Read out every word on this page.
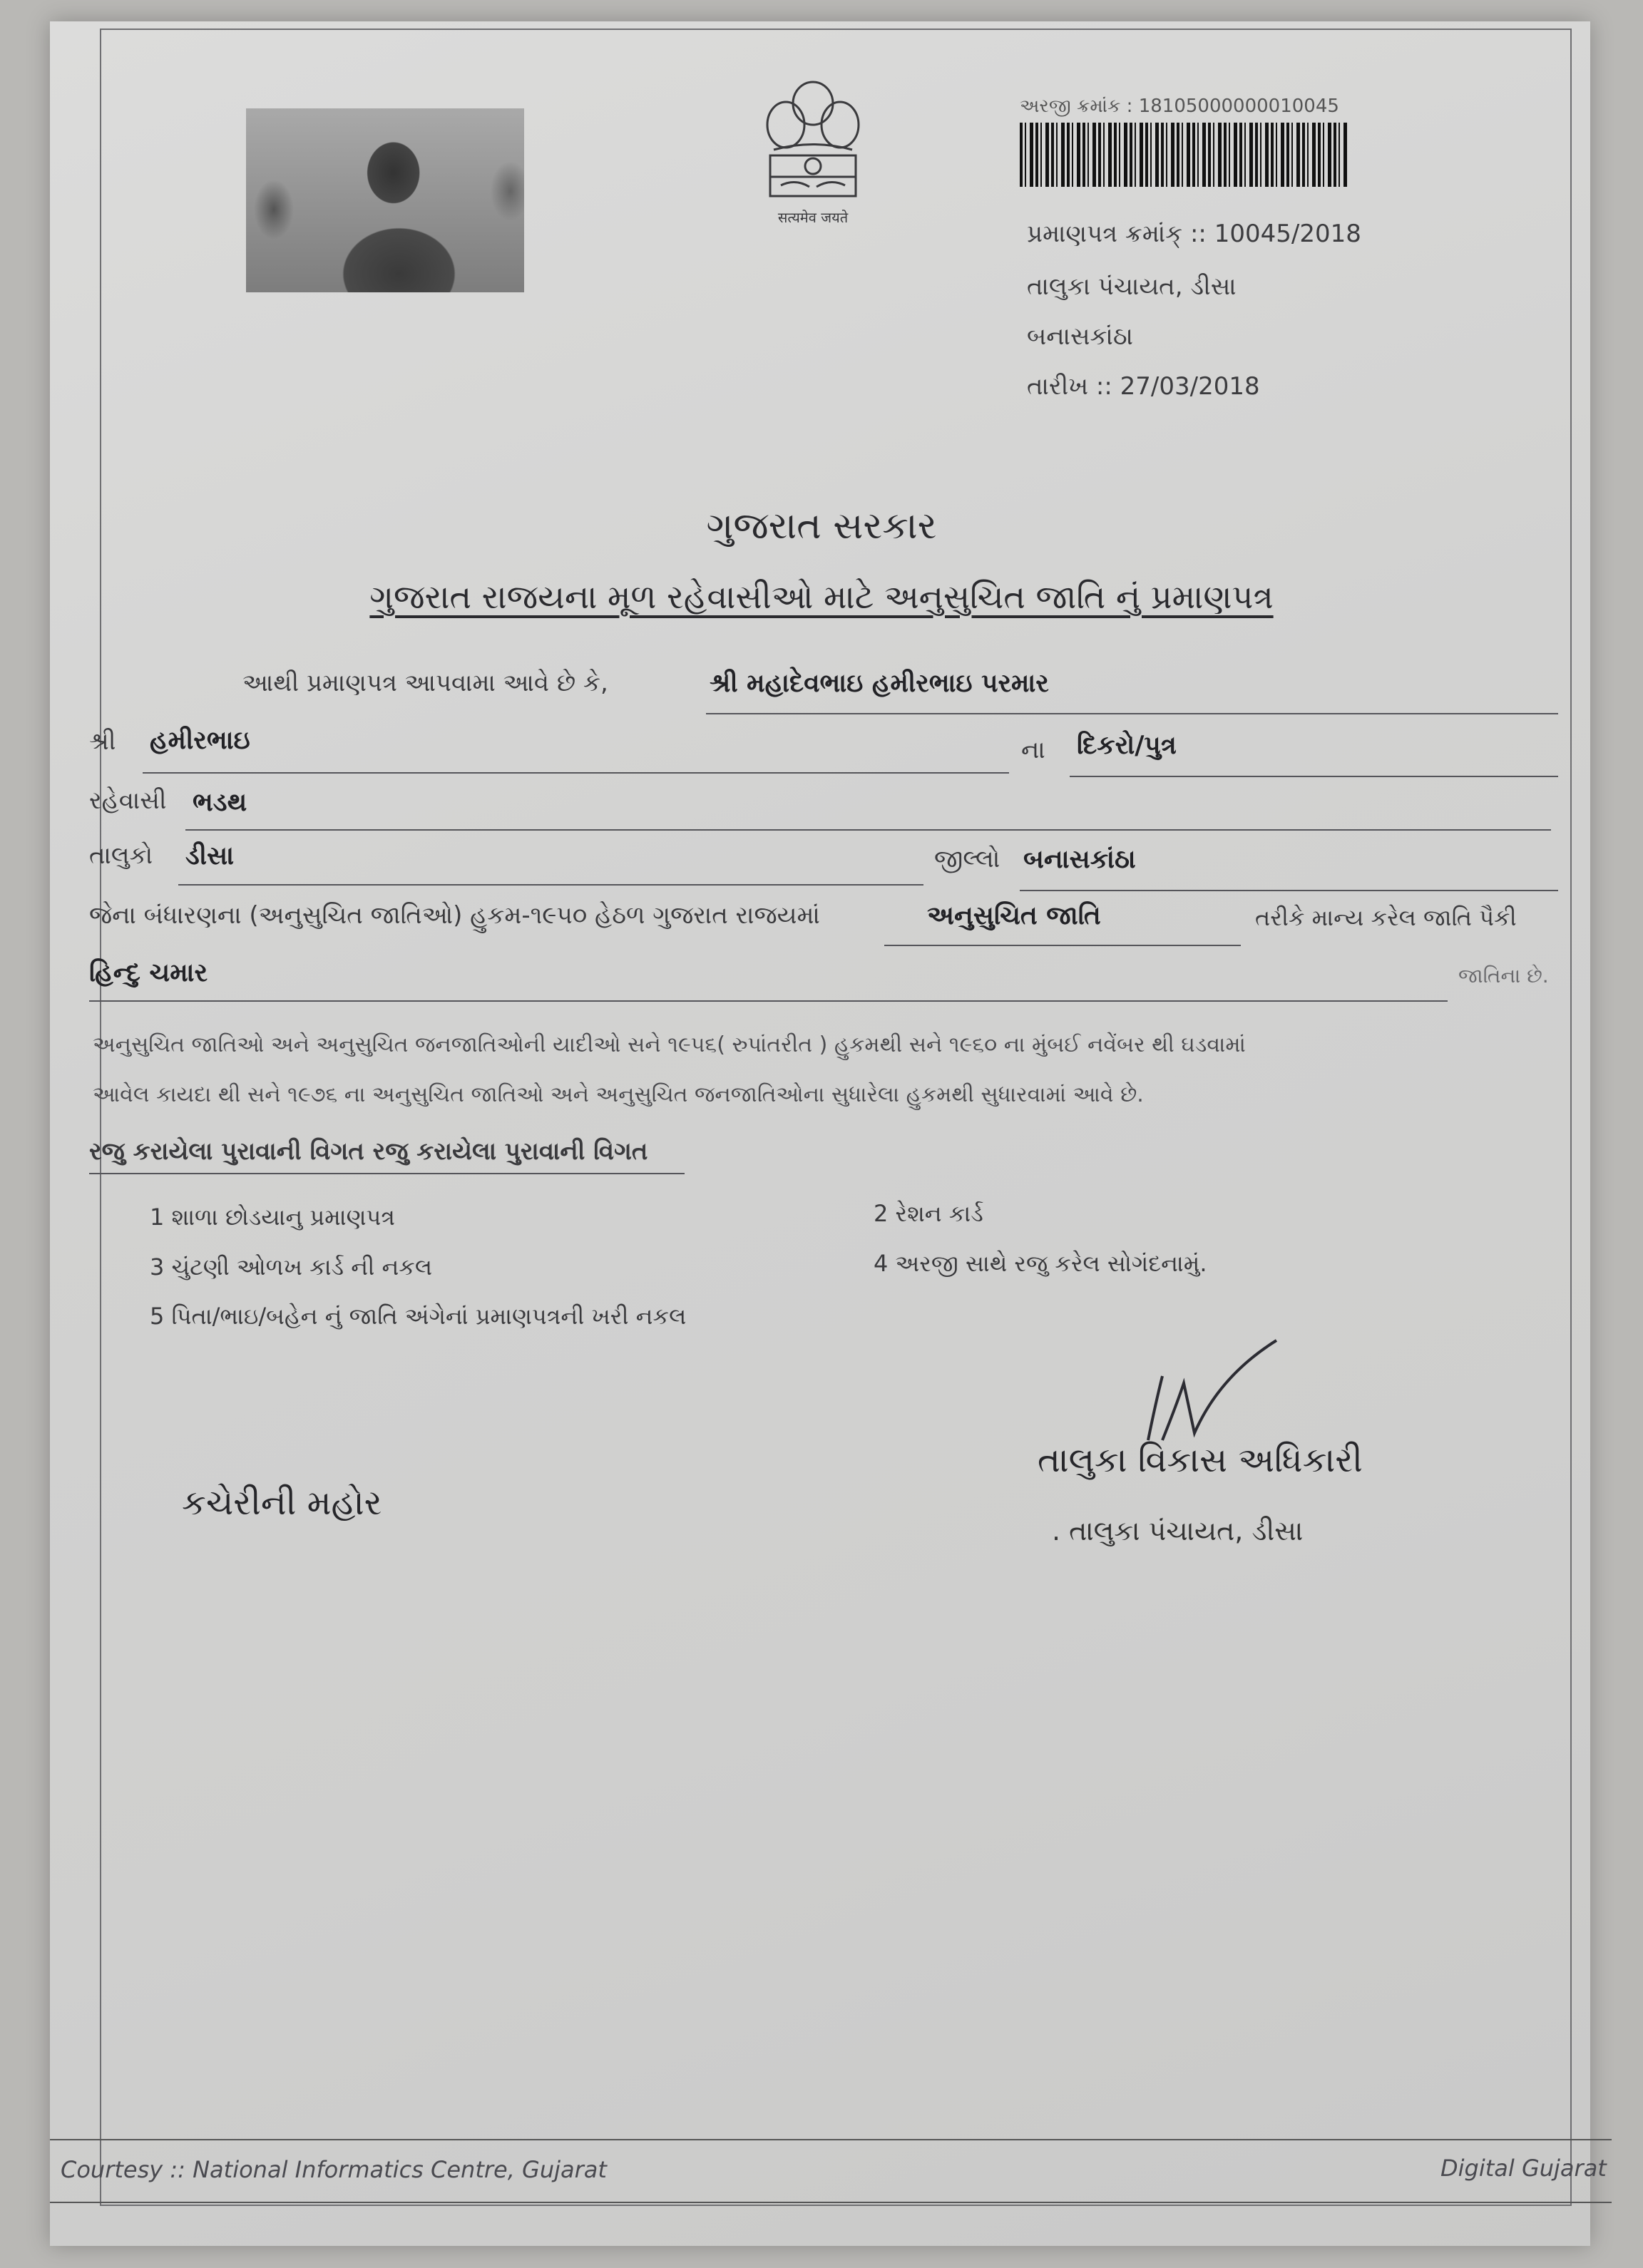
सत्यमेव जयते
અરજી ક્રમાંક : 18105000000010045
પ્રમાણપત્ર ક્રમાંક્ :: 10045/2018
તાલુકા પંચાયત, ડીસા
બનાસકાંઠા
તારીખ :: 27/03/2018
ગુજરાત સરકાર
ગુજરાત રાજયના મૂળ રહેવાસીઓ માટે અનુસુચિત જાતિ નું પ્રમાણપત્ર
આથી પ્રમાણપત્ર આપવામા આવે છે કે,	શ્રી મહાદેવભાઇ હમીરભાઇ પરમાર
શ્રી હમીરભાઇ	ના દિકરો/પુત્ર
રહેવાસી ભડથ
તાલુકો ડીસા	જીલ્લો બનાસકાંઠા
જેના બંધારણના (અનુસુચિત જાતિઓ) હુકમ-૧૯૫૦ હેઠળ ગુજરાત રાજયમાં	અનુસુચિત જાતિ	તરીકે માન્ય કરેલ જાતિ પૈકી
હિન્દુ ચમાર	જાતિના છે.
અનુસુચિત જાતિઓ અને અનુસુચિત જનજાતિઓની યાદીઓ સને ૧૯૫૬( રુપાંતરીત ) હુકમથી સને ૧૯૬૦ ના મુંબઈ નવેંબર થી ઘડવામાં
આવેલ કાયદા થી સને ૧૯૭૬ ના અનુસુચિત જાતિઓ અને અનુસુચિત જનજાતિઓના સુધારેલા હુકમથી સુધારવામાં આવે છે.
રજુ કરાયેલા પુરાવાની વિગત રજુ કરાયેલા પુરાવાની વિગત
1 શાળા છોડયાનુ પ્રમાણપત્ર	2 રેશન કાર્ડ
3 ચુંટણી ઓળખ કાર્ડ ની નકલ	4 અરજી સાથે રજુ કરેલ સોગંદનામું.
5 પિતા/ભાઇ/બહેન નું જાતિ અંગેનાં પ્રમાણપત્રની ખરી નકલ
તાલુકા વિકાસ અધિકારી
. તાલુકા પંચાયત, ડીસા
કચેરીની મહોર
Courtesy :: National Informatics Centre, Gujarat	Digital Gujarat
